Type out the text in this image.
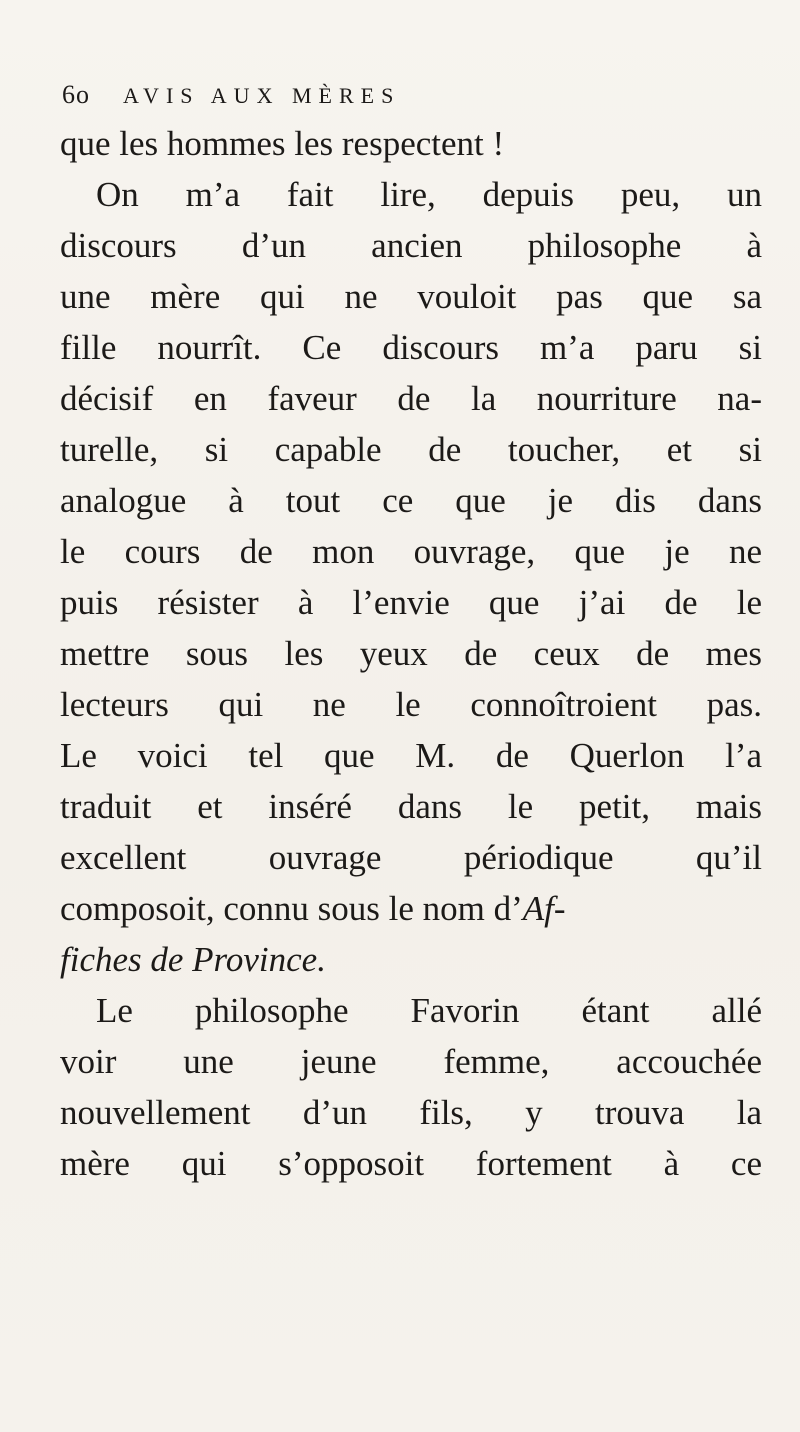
6o AVIS AUX MÈRES
que les hommes les respectent !
On m’a fait lire, depuis peu, un
discours d’un ancien philosophe à
une mère qui ne vouloit pas que sa
fille nourrît. Ce discours m’a paru si
décisif en faveur de la nourriture na-
turelle, si capable de toucher, et si
analogue à tout ce que je dis dans
le cours de mon ouvrage, que je ne
puis résister à l’envie que j’ai de le
mettre sous les yeux de ceux de mes
lecteurs qui ne le connoîtroient pas.
Le voici tel que M. de Querlon l’a
traduit et inséré dans le petit, mais
excellent ouvrage périodique qu’il
composoit, connu sous le nom d’Af-
fiches de Province.
Le philosophe Favorin étant allé
voir une jeune femme, accouchée
nouvellement d’un fils, y trouva la
mère qui s’opposoit fortement à ce
